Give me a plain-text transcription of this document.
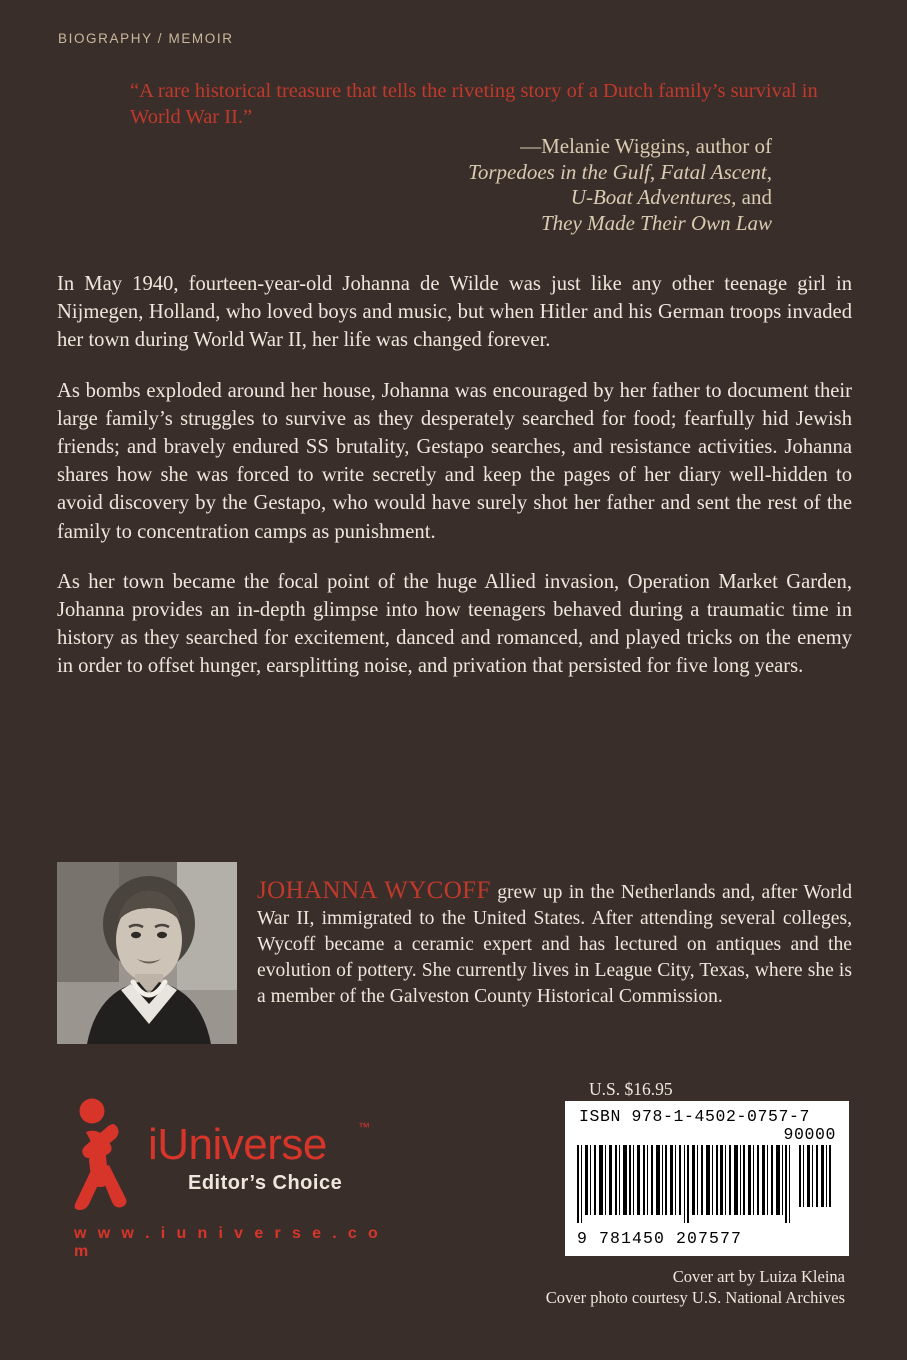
BIOGRAPHY / MEMOIR
“A rare historical treasure that tells the riveting story of a Dutch family’s survival in World War II.”
—Melanie Wiggins, author of
Torpedoes in the Gulf, Fatal Ascent,
U-Boat Adventures, and
They Made Their Own Law

In May 1940, fourteen-year-old Johanna de Wilde was just like any other teenage girl in Nijmegen, Holland, who loved boys and music, but when Hitler and his German troops invaded her town during World War II, her life was changed forever.

As bombs exploded around her house, Johanna was encouraged by her father to document their large family’s struggles to survive as they desperately searched for food; fearfully hid Jewish friends; and bravely endured SS brutality, Gestapo searches, and resistance activities. Johanna shares how she was forced to write secretly and keep the pages of her diary well-hidden to avoid discovery by the Gestapo, who would have surely shot her father and sent the rest of the family to concentration camps as punishment.

As her town became the focal point of the huge Allied invasion, Operation Market Garden, Johanna provides an in-depth glimpse into how teenagers behaved during a traumatic time in history as they searched for excitement, danced and romanced, and played tricks on the enemy in order to offset hunger, earsplitting noise, and privation that persisted for five long years.

JOHANNA WYCOFF grew up in the Netherlands and, after World War II, immigrated to the United States. After attending several colleges, Wycoff became a ceramic expert and has lectured on antiques and the evolution of pottery. She currently lives in League City, Texas, where she is a member of the Galveston County Historical Commission.
iUniverse	™
Editor’s Choice
w w w . i u n i v e r s e . c o m
U.S. $16.95
ISBN 978-1-4502-0757-7
90000
9 781450 207577
Cover art by Luiza Kleina
Cover photo courtesy U.S. National Archives
